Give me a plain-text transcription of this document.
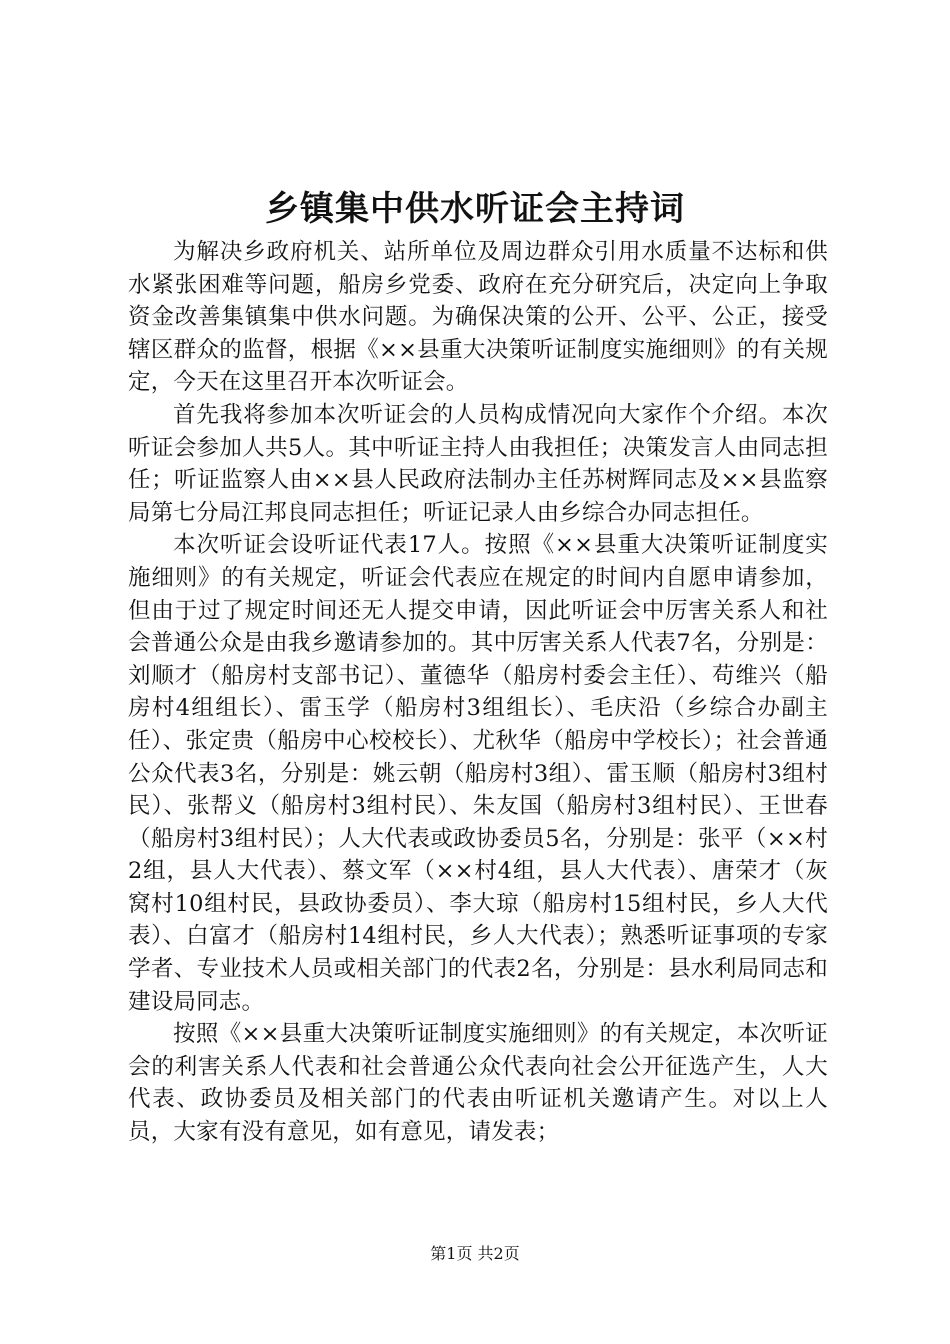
乡镇集中供水听证会主持词

为解决乡政府机关、站所单位及周边群众引用水质量不达标和供水紧张困难等问题，船房乡党委、政府在充分研究后，决定向上争取资金改善集镇集中供水问题。为确保决策的公开、公平、公正，接受辖区群众的监督，根据《××县重大决策听证制度实施细则》的有关规定，今天在这里召开本次听证会。

首先我将参加本次听证会的人员构成情况向大家作个介绍。本次听证会参加人共5人。其中听证主持人由我担任；决策发言人由同志担任；听证监察人由××县人民政府法制办主任苏树辉同志及××县监察局第七分局江邦良同志担任；听证记录人由乡综合办同志担任。

本次听证会设听证代表17人。按照《××县重大决策听证制度实施细则》的有关规定，听证会代表应在规定的时间内自愿申请参加，但由于过了规定时间还无人提交申请，因此听证会中厉害关系人和社会普通公众是由我乡邀请参加的。其中厉害关系人代表7名，分别是：刘顺才（船房村支部书记）、董德华（船房村委会主任）、苟维兴（船房村4组组长）、雷玉学（船房村3组组长）、毛庆沿（乡综合办副主任）、张定贵（船房中心校校长）、尤秋华（船房中学校长）；社会普通公众代表3名，分别是：姚云朝（船房村3组）、雷玉顺（船房村3组村民）、张帮义（船房村3组村民）、朱友国（船房村3组村民）、王世春（船房村3组村民）；人大代表或政协委员5名，分别是：张平（××村2组，县人大代表）、蔡文军（××村4组，县人大代表）、唐荣才（灰窝村10组村民，县政协委员）、李大琼（船房村15组村民，乡人大代表）、白富才（船房村14组村民，乡人大代表）；熟悉听证事项的专家学者、专业技术人员或相关部门的代表2名，分别是：县水利局同志和建设局同志。

按照《××县重大决策听证制度实施细则》的有关规定，本次听证会的利害关系人代表和社会普通公众代表向社会公开征选产生，人大代表、政协委员及相关部门的代表由听证机关邀请产生。对以上人员，大家有没有意见，如有意见，请发表；

第1页 共2页
